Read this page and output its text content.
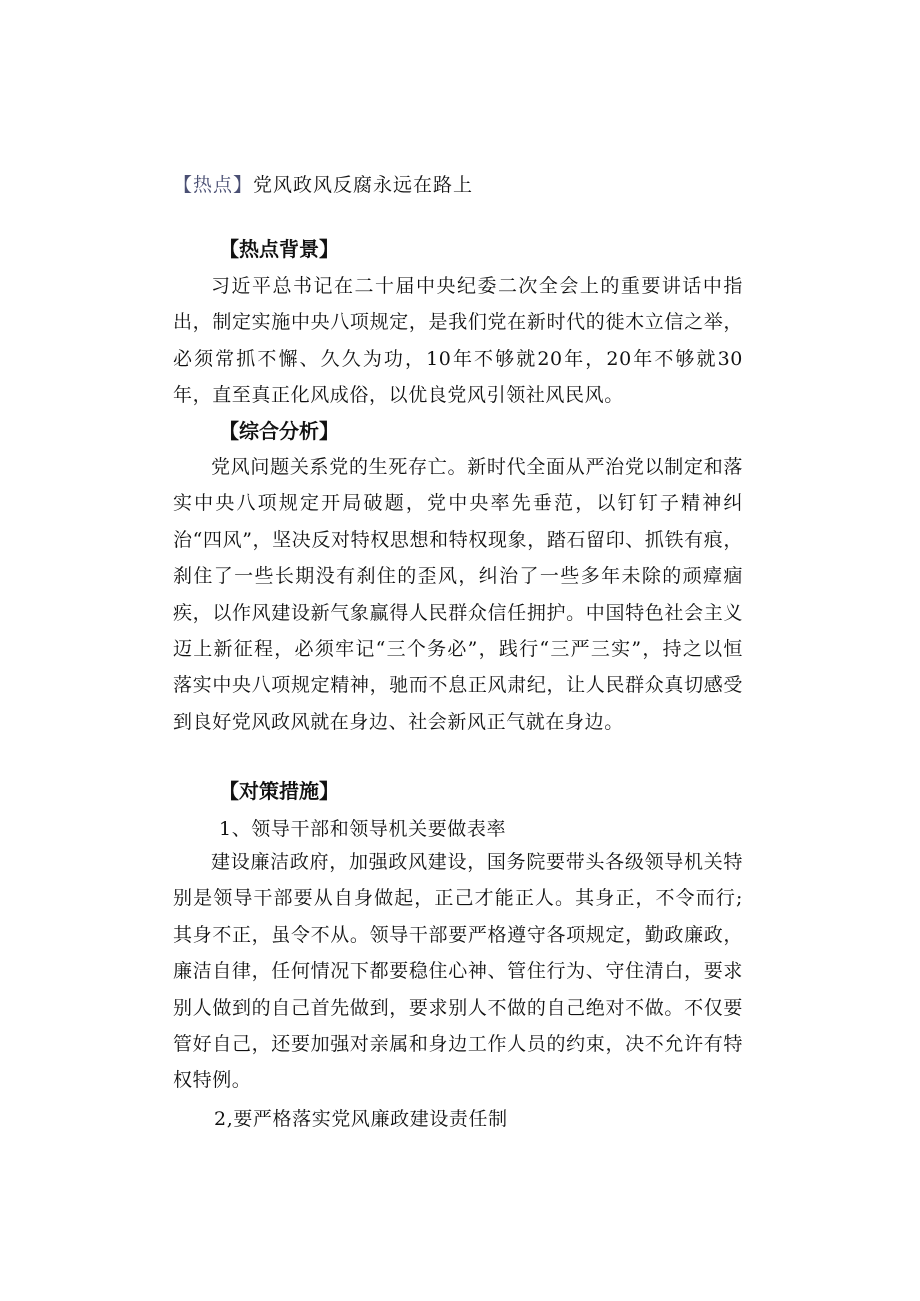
【热点】党风政风反腐永远在路上
【热点背景】

习近平总书记在二十届中央纪委二次全会上的重要讲话中指出，制定实施中央八项规定，是我们党在新时代的徙木立信之举，必须常抓不懈、久久为功，10年不够就20年，20年不够就30年，直至真正化风成俗，以优良党风引领社风民风。

【综合分析】

党风问题关系党的生死存亡。新时代全面从严治党以制定和落实中央八项规定开局破题，党中央率先垂范，以钉钉子精神纠治“四风”，坚决反对特权思想和特权现象，踏石留印、抓铁有痕，刹住了一些长期没有刹住的歪风，纠治了一些多年未除的顽瘴痼疾，以作风建设新气象赢得人民群众信任拥护。中国特色社会主义迈上新征程，必须牢记“三个务必”，践行“三严三实”，持之以恒落实中央八项规定精神，驰而不息正风肃纪，让人民群众真切感受到良好党风政风就在身边、社会新风正气就在身边。

【对策措施】
1、领导干部和领导机关要做表率

建设廉洁政府，加强政风建设，国务院要带头各级领导机关特别是领导干部要从自身做起，正己才能正人。其身正，不令而行;其身不正，虽令不从。领导干部要严格遵守各项规定，勤政廉政，廉洁自律，任何情况下都要稳住心神、管住行为、守住清白，要求别人做到的自己首先做到，要求别人不做的自己绝对不做。不仅要管好自己，还要加强对亲属和身边工作人员的约束，决不允许有特权特例。

2,要严格落实党风廉政建设责任制
